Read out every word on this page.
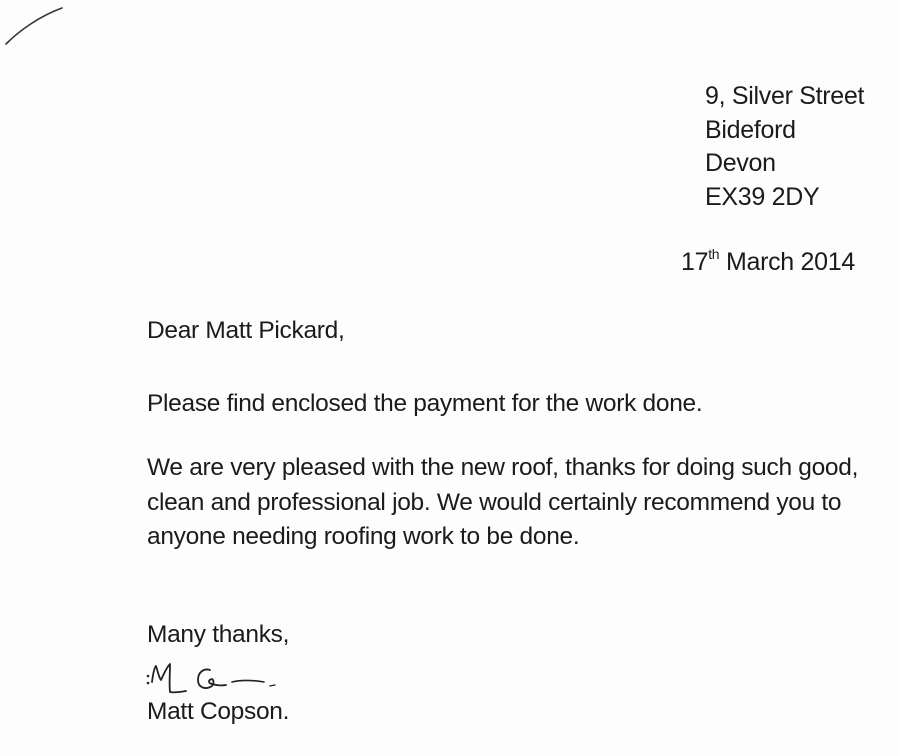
9, Silver Street
Bideford
Devon
EX39 2DY
17th March 2014
Dear Matt Pickard,
Please find enclosed the payment for the work done.
We are very pleased with the new roof, thanks for doing such good, clean and professional job. We would certainly recommend you to anyone needing roofing work to be done.
Many thanks,
Matt Copson.
